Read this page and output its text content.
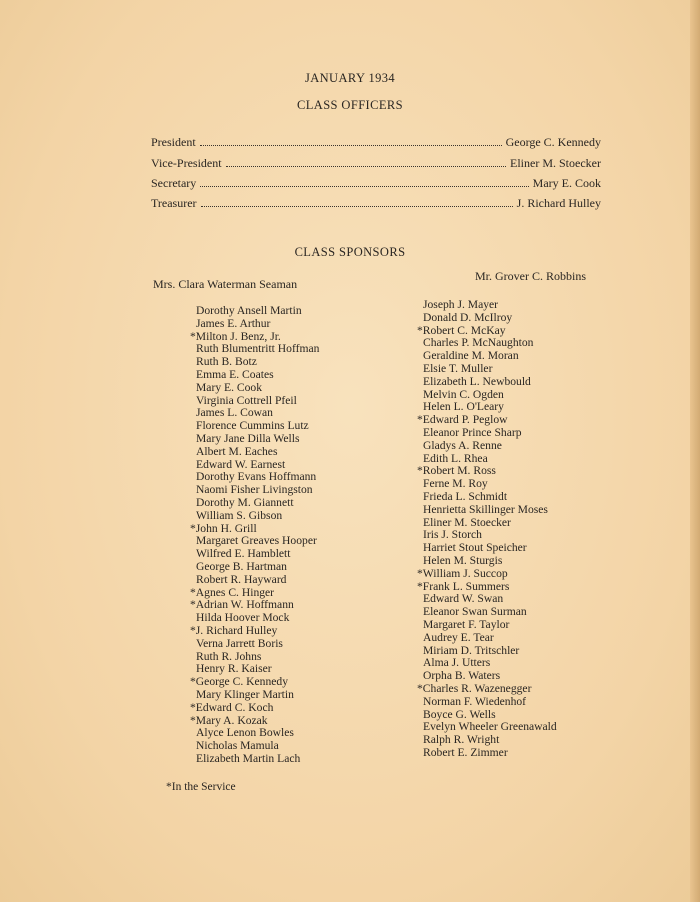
JANUARY 1934
CLASS OFFICERS
President	George C. Kennedy
Vice-President	Eliner M. Stoecker
Secretary	Mary E. Cook
Treasurer	J. Richard Hulley
CLASS SPONSORS
Mrs. Clara Waterman Seaman
Mr. Grover C. Robbins
Dorothy Ansell Martin
James E. Arthur
*Milton J. Benz, Jr.
Ruth Blumentritt Hoffman
Ruth B. Botz
Emma E. Coates
Mary E. Cook
Virginia Cottrell Pfeil
James L. Cowan
Florence Cummins Lutz
Mary Jane Dilla Wells
Albert M. Eaches
Edward W. Earnest
Dorothy Evans Hoffmann
Naomi Fisher Livingston
Dorothy M. Giannett
William S. Gibson
*John H. Grill
Margaret Greaves Hooper
Wilfred E. Hamblett
George B. Hartman
Robert R. Hayward
*Agnes C. Hinger
*Adrian W. Hoffmann
Hilda Hoover Mock
*J. Richard Hulley
Verna Jarrett Boris
Ruth R. Johns
Henry R. Kaiser
*George C. Kennedy
Mary Klinger Martin
*Edward C. Koch
*Mary A. Kozak
Alyce Lenon Bowles
Nicholas Mamula
Elizabeth Martin Lach
Joseph J. Mayer
Donald D. McIlroy
*Robert C. McKay
Charles P. McNaughton
Geraldine M. Moran
Elsie T. Muller
Elizabeth L. Newbould
Melvin C. Ogden
Helen L. O'Leary
*Edward P. Peglow
Eleanor Prince Sharp
Gladys A. Renne
Edith L. Rhea
*Robert M. Ross
Ferne M. Roy
Frieda L. Schmidt
Henrietta Skillinger Moses
Eliner M. Stoecker
Iris J. Storch
Harriet Stout Speicher
Helen M. Sturgis
*William J. Succop
*Frank L. Summers
Edward W. Swan
Eleanor Swan Surman
Margaret F. Taylor
Audrey E. Tear
Miriam D. Tritschler
Alma J. Utters
Orpha B. Waters
*Charles R. Wazenegger
Norman F. Wiedenhof
Boyce G. Wells
Evelyn Wheeler Greenawald
Ralph R. Wright
Robert E. Zimmer
*In the Service
